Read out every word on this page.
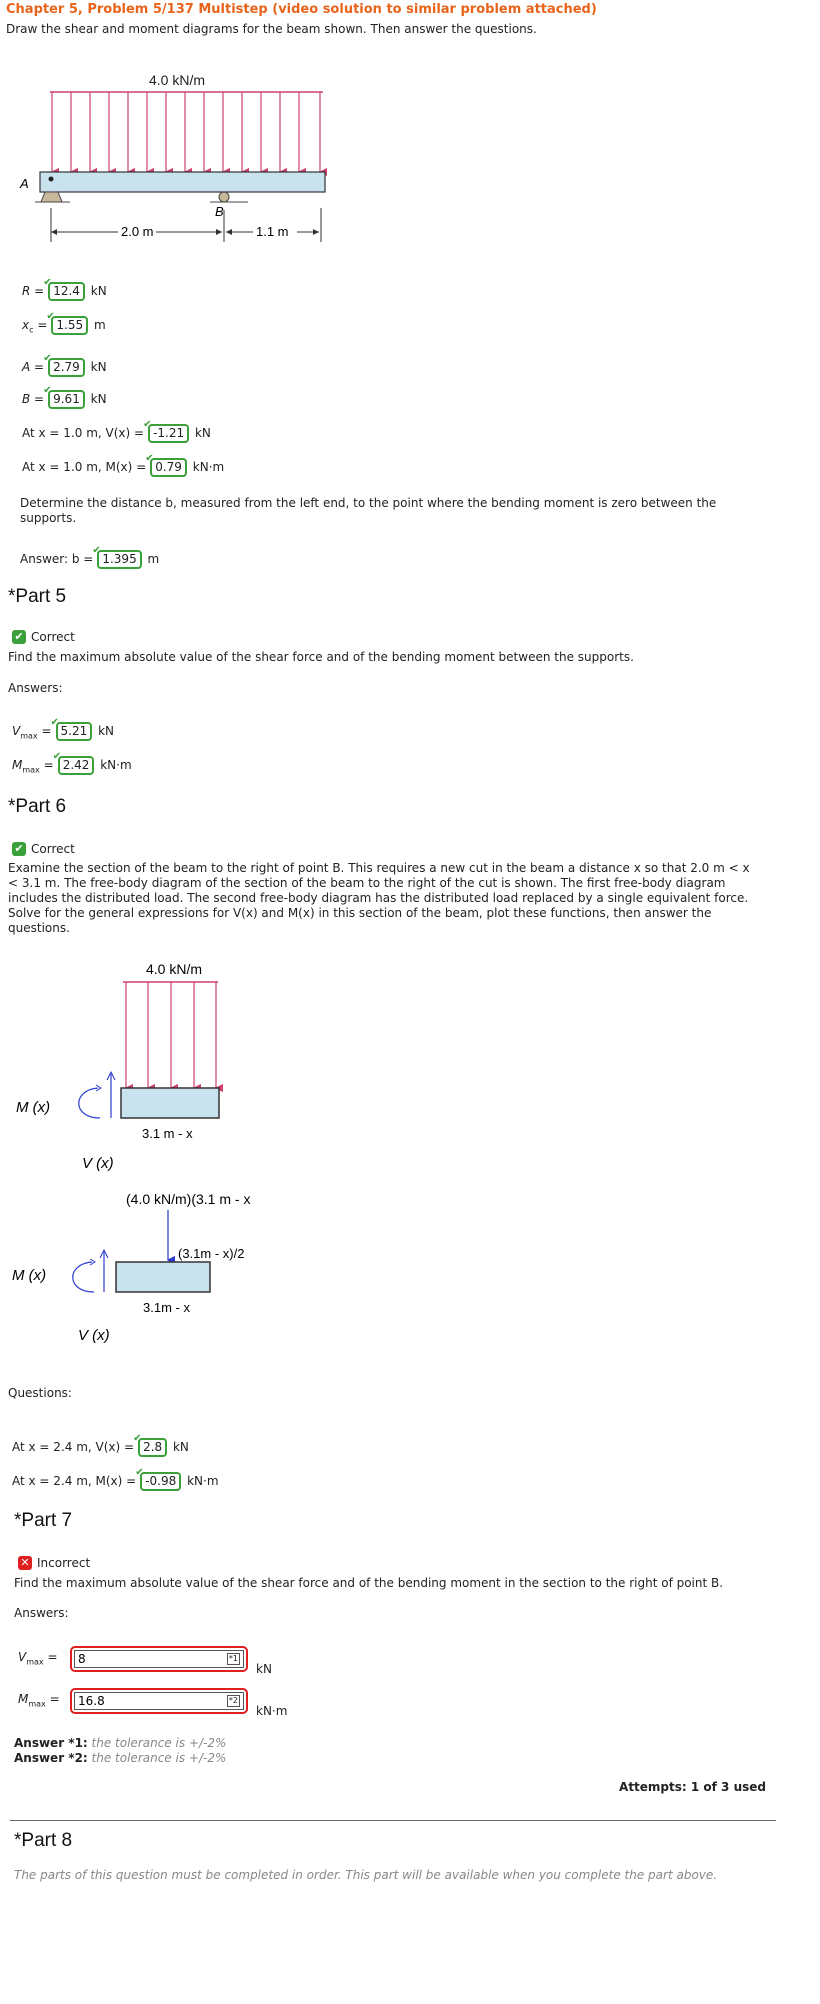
Chapter 5, Problem 5/137 Multistep (video solution to similar problem attached)
Draw the shear and moment diagrams for the beam shown. Then answer the questions.
4.0 kN/m
A
B
2.0 m	1.1 m
R = ✔ 12.4 kN
$x_c$ = ✔ 1.55 m
A = ✔ 2.79 kN
B = ✔ 9.61 kN
At x = 1.0 m, V(x) = ✔ -1.21 kN
At x = 1.0 m, M(x) = ✔ 0.79 kN·m
Determine the distance b, measured from the left end, to the point where the bending moment is zero between the supports.
Answer: b = ✔ 1.395 m
*Part 5
✔ Correct
Find the maximum absolute value of the shear force and of the bending moment between the supports.
Answers:
$V_{max}$ = ✔ 5.21 kN
$M_{max}$ = ✔ 2.42 kN·m
*Part 6
✔ Correct
Examine the section of the beam to the right of point B. This requires a new cut in the beam a distance x so that 2.0 m < x < 3.1 m. The free-body diagram of the section of the beam to the right of the cut is shown. The first free-body diagram includes the distributed load. The second free-body diagram has the distributed load replaced by a single equivalent force. Solve for the general expressions for V(x) and M(x) in this section of the beam, plot these functions, then answer the questions.
4.0 kN/m
3.1 m - x
M (x)
V (x)
(4.0 kN/m)(3.1 m - x
(3.1m - x)/2
3.1m - x
M (x)
V (x)
Questions:
At x = 2.4 m, V(x) = ✔ 2.8 kN
At x = 2.4 m, M(x) = ✔ -0.98 kN·m
*Part 7
✕ Incorrect
Find the maximum absolute value of the shear force and of the bending moment in the section to the right of point B.
Answers:
$V_{max}$ =
8	*1
kN
$M_{max}$ =
16.8	*2
kN·m
Answer *1: the tolerance is +/-2%
Answer *2: the tolerance is +/-2%
Attempts: 1 of 3 used
*Part 8
The parts of this question must be completed in order. This part will be available when you complete the part above.
